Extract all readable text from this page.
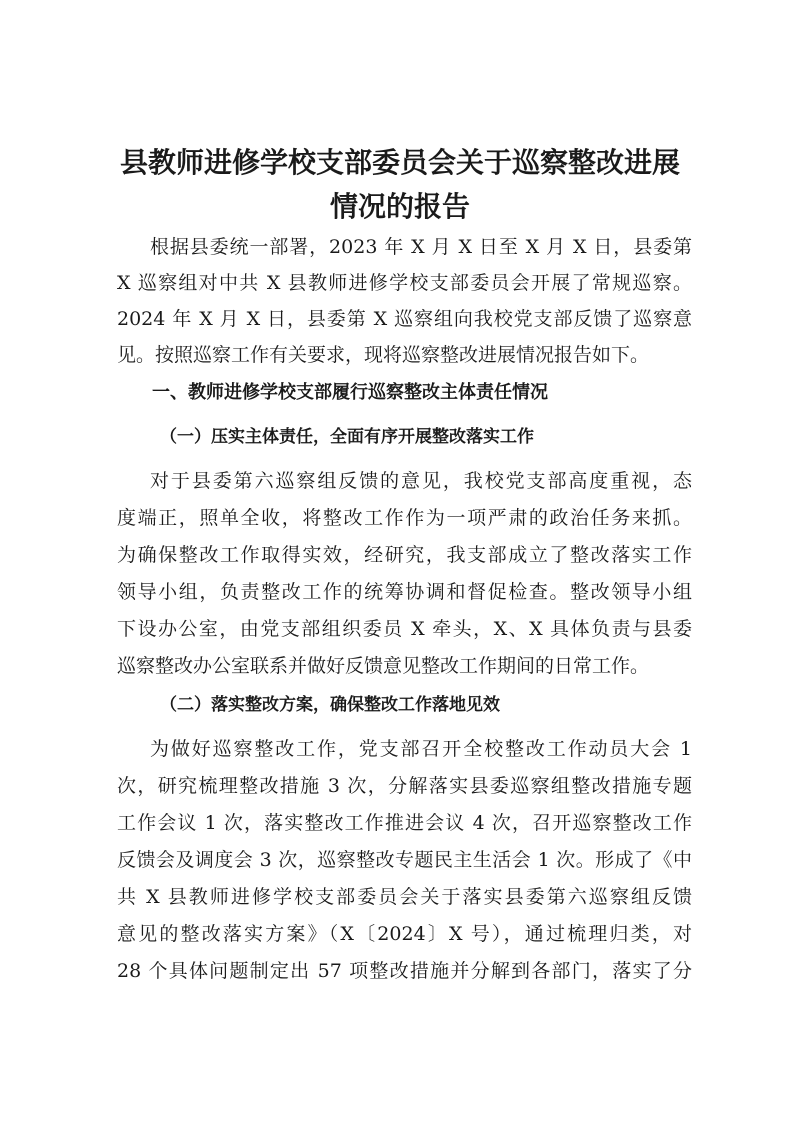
县教师进修学校支部委员会关于巡察整改进展
情况的报告

根据县委统一部署，2023 年 X 月 X 日至 X 月 X 日，县委第

X 巡察组对中共 X 县教师进修学校支部委员会开展了常规巡察。

2024 年 X 月 X 日，县委第 X 巡察组向我校党支部反馈了巡察意

见。按照巡察工作有关要求，现将巡察整改进展情况报告如下。

一、教师进修学校支部履行巡察整改主体责任情况
（一）压实主体责任，全面有序开展整改落实工作

对于县委第六巡察组反馈的意见，我校党支部高度重视，态

度端正，照单全收，将整改工作作为一项严肃的政治任务来抓。

为确保整改工作取得实效，经研究，我支部成立了整改落实工作

领导小组，负责整改工作的统筹协调和督促检查。整改领导小组

下设办公室，由党支部组织委员 X 牵头，X、X 具体负责与县委

巡察整改办公室联系并做好反馈意见整改工作期间的日常工作。

（二）落实整改方案，确保整改工作落地见效

为做好巡察整改工作，党支部召开全校整改工作动员大会 1

次，研究梳理整改措施 3 次，分解落实县委巡察组整改措施专题

工作会议 1 次，落实整改工作推进会议 4 次，召开巡察整改工作

反馈会及调度会 3 次，巡察整改专题民主生活会 1 次。形成了《中

共 X 县教师进修学校支部委员会关于落实县委第六巡察组反馈

意见的整改落实方案》（X〔2024〕X 号），通过梳理归类，对

28 个具体问题制定出 57 项整改措施并分解到各部门，落实了分
